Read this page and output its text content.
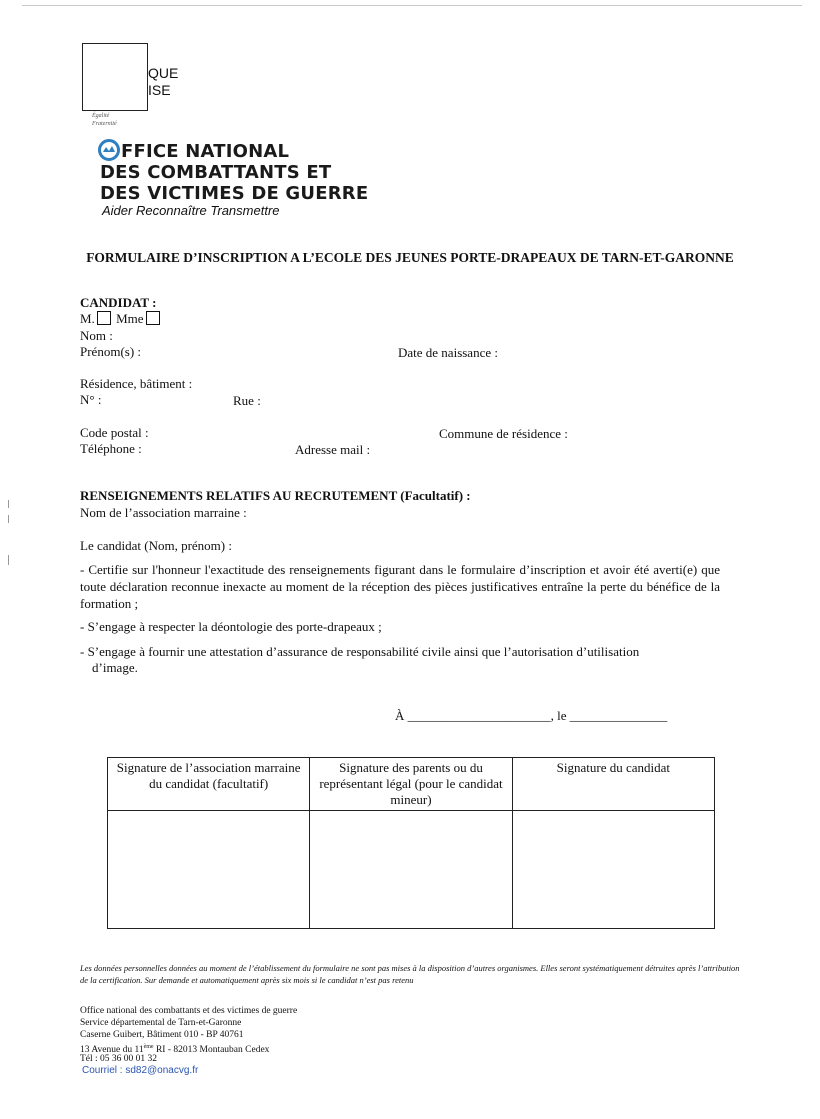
QUE
ISE
Égalité
Fraternité
FFICE NATIONAL
DES COMBATTANTS ET
DES VICTIMES DE GUERRE
Aider Reconnaître Transmettre
FORMULAIRE D’INSCRIPTION A L’ECOLE DES JEUNES PORTE-DRAPEAUX DE TARN-ET-GARONNE
CANDIDAT :
M. Mme
Nom :
Prénom(s) :	Date de naissance :
Résidence, bâtiment :
N° :	Rue :
Code postal :	Commune de résidence :
Téléphone :	Adresse mail :
RENSEIGNEMENTS RELATIFS AU RECRUTEMENT (Facultatif) :
Nom de l’association marraine :
Le candidat (Nom, prénom) :
- Certifie sur l'honneur l'exactitude des renseignements figurant dans le formulaire d’inscription et avoir été averti(e) que toute déclaration reconnue inexacte au moment de la réception des pièces justificatives entraîne la perte du bénéfice de la formation ;
- S’engage à respecter la déontologie des porte-drapeaux ;
- S’engage à fournir une attestation d’assurance de responsabilité civile ainsi que l’autorisation d’utilisation
d’image.
À ______________________, le _______________
Signature de l’association marraine du candidat (facultatif)	Signature des parents ou du représentant légal (pour le candidat mineur)	Signature du candidat

Les données personnelles données au moment de l’établissement du formulaire ne sont pas mises à la disposition d’autres organismes. Elles seront systématiquement détruites après l’attribution de la certification. Sur demande et automatiquement après six mois si le candidat n’est pas retenu
Office national des combattants et des victimes de guerre
Service départemental de Tarn-et-Garonne
Caserne Guibert, Bâtiment 010 - BP 40761
13 Avenue du 11ème RI - 82013 Montauban Cedex
Tél : 05 36 00 01 32
Courriel : sd82@onacvg.fr
